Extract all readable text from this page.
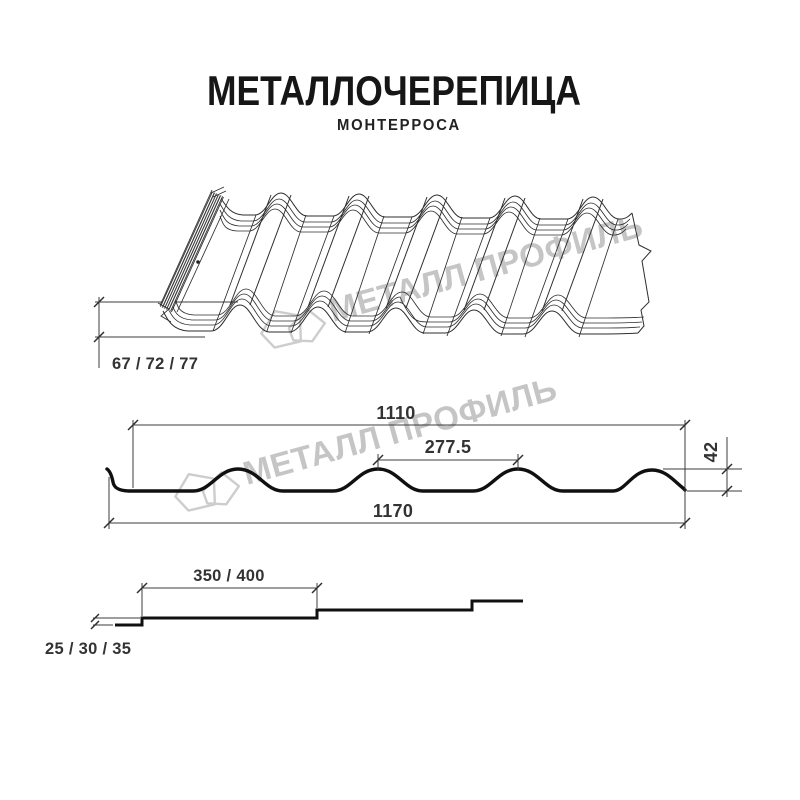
МЕТАЛЛ ПРОФИЛЬ
МЕТАЛЛОЧЕРЕПИЦА
МОНТЕРРОСА
67 / 72 / 77
1110
277.5	42
1170
350 / 400
25 / 30 / 35
